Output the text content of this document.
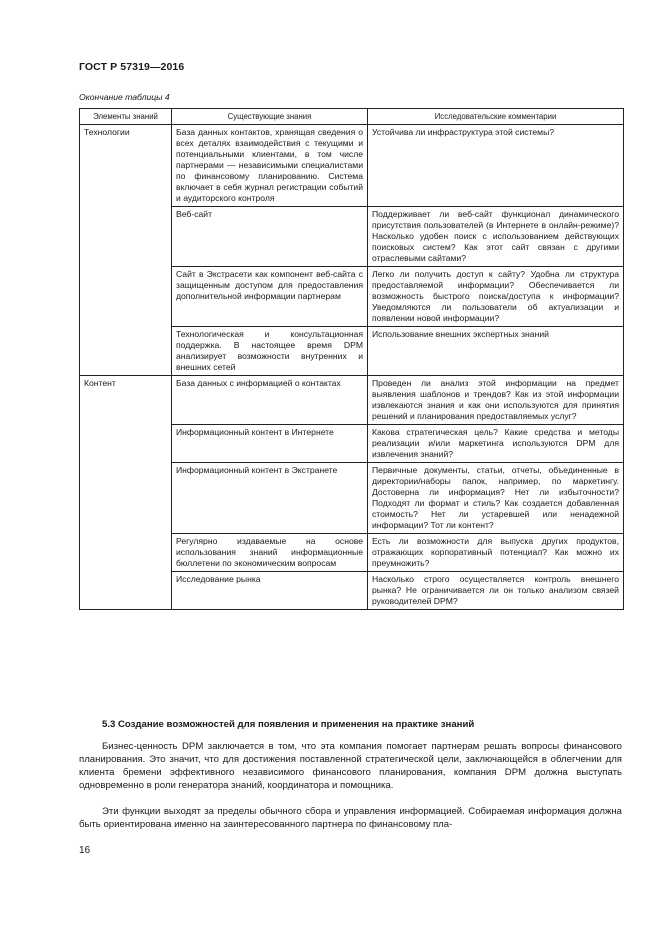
ГОСТ Р 57319—2016
Окончание таблицы 4
Элементы знаний	Существующие знания	Исследовательские комментарии
Технологии	База данных контактов, хранящая сведения о всех деталях взаимодействия с текущими и потенциальными клиентами, в том числе партнерами — независимыми специалистами по финансовому планированию. Система включает в себя журнал регистрации событий и аудиторского контроля	Устойчива ли инфраструктура этой системы?
	Веб-сайт	Поддерживает ли веб-сайт функционал динамического присутствия пользователей (в Интернете в онлайн-режиме)? Насколько удобен поиск с использованием действующих поисковых систем? Как этот сайт связан с другими отраслевыми сайтами?
	Сайт в Экстрасети как компонент веб-сайта с защищенным доступом для предоставления дополнительной информации партнерам	Легко ли получить доступ к сайту? Удобна ли структура предоставляемой информации? Обеспечивается ли возможность быстрого поиска/доступа к информации? Уведомляются ли пользователи об актуализации и появлении новой информации?
	Технологическая и консультационная поддержка. В настоящее время DPM анализирует возможности внутренних и внешних сетей	Использование внешних экспертных знаний
Контент	База данных с информацией о контактах	Проведен ли анализ этой информации на предмет выявления шаблонов и трендов? Как из этой информации извлекаются знания и как они используются для принятия решений и планирования предоставляемых услуг?
	Информационный контент в Интернете	Какова стратегическая цель? Какие средства и методы реализации и/или маркетинга используются DPM для извлечения знаний?
	Информационный контент в Экстранете	Первичные документы, статьи, отчеты, объединенные в директории/наборы папок, например, по маркетингу. Достоверна ли информация? Нет ли избыточности? Подходят ли формат и стиль? Как создается добавленная стоимость? Нет ли устаревшей или ненадежной информации? Тот ли контент?
	Регулярно издаваемые на основе использования знаний информационные бюллетени по экономическим вопросам	Есть ли возможности для выпуска других продуктов, отражающих корпоративный потенциал? Как можно их преумножить?
	Исследование рынка	Насколько строго осуществляется контроль внешнего рынка? Не ограничивается ли он только анализом связей руководителей DPM?
5.3 Создание возможностей для появления и применения на практике знаний
Бизнес-ценность DPM заключается в том, что эта компания помогает партнерам решать вопросы финансового планирования. Это значит, что для достижения поставленной стратегической цели, заключающейся в облегчении для клиента бремени эффективного независимого финансового планирования, компания DPM должна выступать одновременно в роли генератора знаний, координатора и помощника.
Эти функции выходят за пределы обычного сбора и управления информацией. Собираемая информация должна быть ориентирована именно на заинтересованного партнера по финансовому пла-
16
